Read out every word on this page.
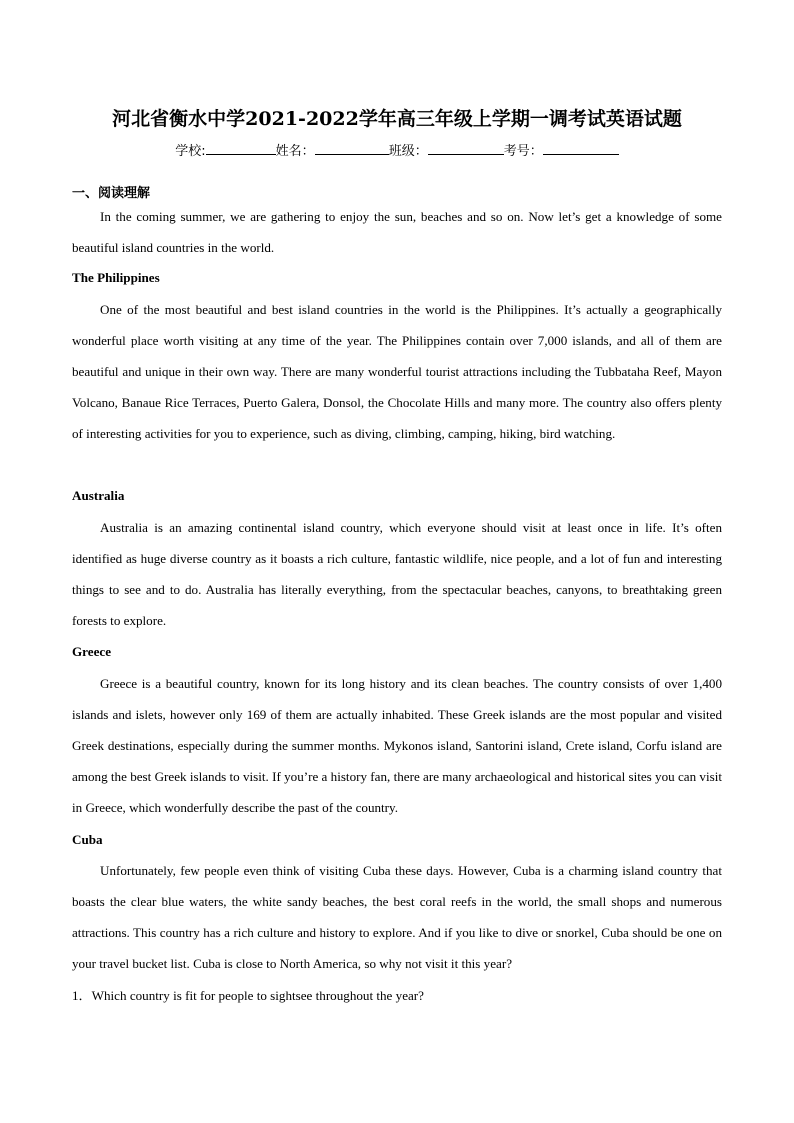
河北省衡水中学2021-2022学年高三年级上学期一调考试英语试题
学校:	姓名：	班级：	考号：
一、阅读理解
In the coming summer, we are gathering to enjoy the sun, beaches and so on. Now let’s get a knowledge of some beautiful island countries in the world.
The Philippines
One of the most beautiful and best island countries in the world is the Philippines. It’s actually a geographically wonderful place worth visiting at any time of the year. The Philippines contain over 7,000 islands, and all of them are beautiful and unique in their own way. There are many wonderful tourist attractions including the Tubbataha Reef, Mayon Volcano, Banaue Rice Terraces, Puerto Galera, Donsol, the Chocolate Hills and many more. The country also offers plenty of interesting activities for you to experience, such as diving, climbing, camping, hiking, bird watching.
Australia
Australia is an amazing continental island country, which everyone should visit at least once in life. It’s often identified as huge diverse country as it boasts a rich culture, fantastic wildlife, nice people, and a lot of fun and interesting things to see and to do. Australia has literally everything, from the spectacular beaches, canyons, to breathtaking green forests to explore.
Greece
Greece is a beautiful country, known for its long history and its clean beaches. The country consists of over 1,400 islands and islets, however only 169 of them are actually inhabited. These Greek islands are the most popular and visited Greek destinations, especially during the summer months. Mykonos island, Santorini island, Crete island, Corfu island are among the best Greek islands to visit. If you’re a history fan, there are many archaeological and historical sites you can visit in Greece, which wonderfully describe the past of the country.
Cuba
Unfortunately, few people even think of visiting Cuba these days. However, Cuba is a charming island country that boasts the clear blue waters, the white sandy beaches, the best coral reefs in the world, the small shops and numerous attractions. This country has a rich culture and history to explore. And if you like to dive or snorkel, Cuba should be one on your travel bucket list. Cuba is close to North America, so why not visit it this year?
1．Which country is fit for people to sightsee throughout the year?
